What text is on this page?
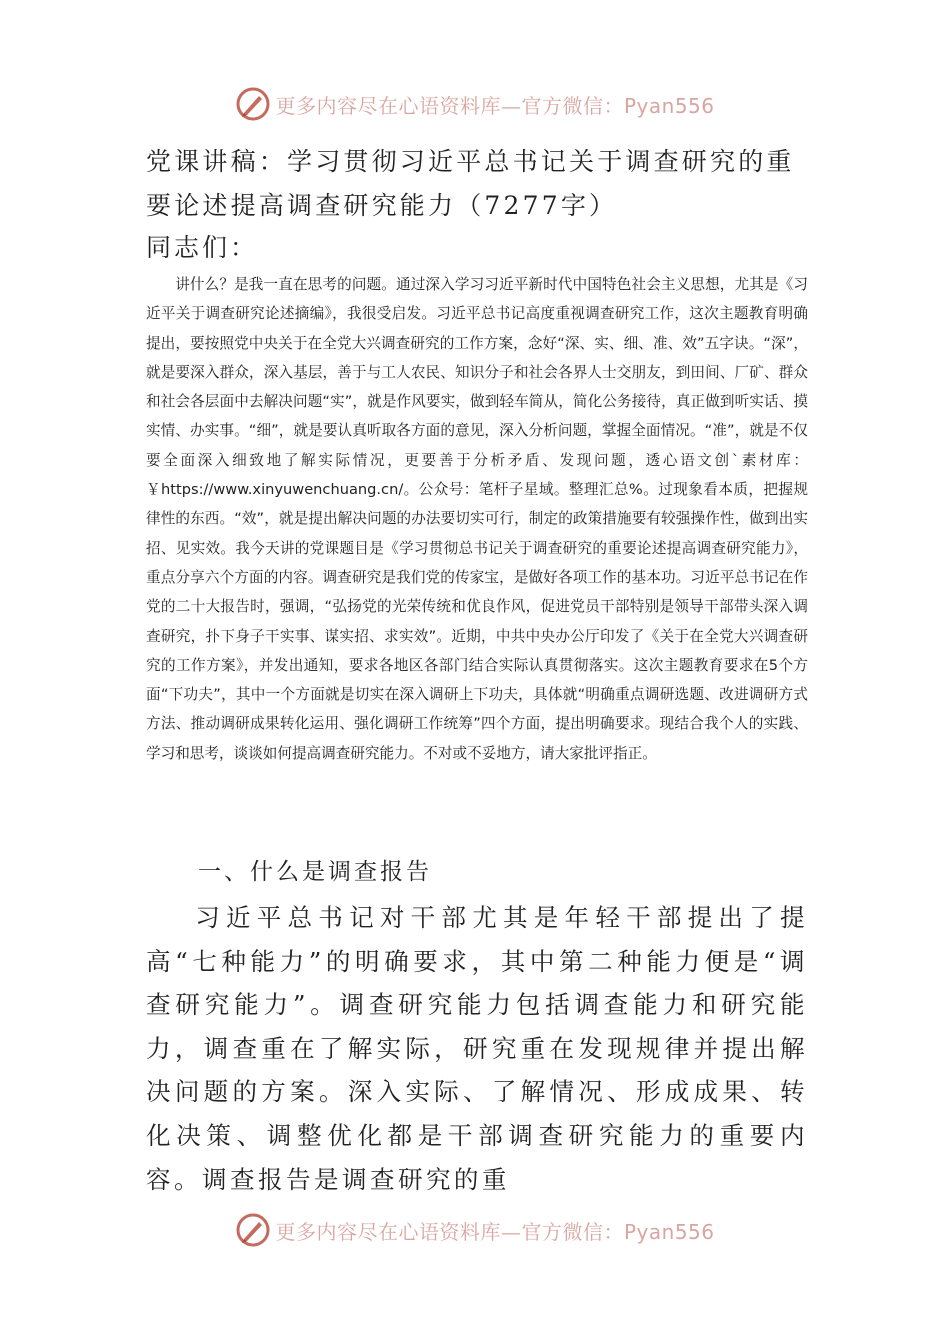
更多内容尽在心语资料库—官方微信：Pyan556
党课讲稿：学习贯彻习近平总书记关于调查研究的重要论述提高调查研究能力（7277字）
同志们：

讲什么？是我一直在思考的问题。通过深入学习习近平新时代中国特色社会主义思想，尤其是《习近平关于调查研究论述摘编》，我很受启发。习近平总书记高度重视调查研究工作，这次主题教育明确提出，要按照党中央关于在全党大兴调查研究的工作方案，念好“深、实、细、准、效”五字诀。“深”，就是要深入群众，深入基层，善于与工人农民、知识分子和社会各界人士交朋友，到田间、厂矿、群众和社会各层面中去解决问题“实”，就是作风要实，做到轻车简从，简化公务接待，真正做到听实话、摸实情、办实事。“细”，就是要认真听取各方面的意见，深入分析问题，掌握全面情况。“准”，就是不仅要全面深入细致地了解实际情况，更要善于分析矛盾、发现问题，透心语文创`素材库：￥https://www.xinyuwenchuang.cn/。公众号：笔杆子星域。整理汇总%。过现象看本质，把握规律性的东西。“效”，就是提出解决问题的办法要切实可行，制定的政策措施要有较强操作性，做到出实招、见实效。我今天讲的党课题目是《学习贯彻总书记关于调查研究的重要论述提高调查研究能力》，重点分享六个方面的内容。调查研究是我们党的传家宝，是做好各项工作的基本功。习近平总书记在作党的二十大报告时，强调，“弘扬党的光荣传统和优良作风，促进党员干部特别是领导干部带头深入调查研究，扑下身子干实事、谋实招、求实效”。近期，中共中央办公厅印发了《关于在全党大兴调查研究的工作方案》，并发出通知，要求各地区各部门结合实际认真贯彻落实。这次主题教育要求在5个方面“下功夫”，其中一个方面就是切实在深入调研上下功夫，具体就“明确重点调研选题、改进调研方式方法、推动调研成果转化运用、强化调研工作统筹”四个方面，提出明确要求。现结合我个人的实践、学习和思考，谈谈如何提高调查研究能力。不对或不妥地方，请大家批评指正。

一、什么是调查报告

习近平总书记对干部尤其是年轻干部提出了提高“七种能力”的明确要求，其中第二种能力便是“调查研究能力”。调查研究能力包括调查能力和研究能力，调查重在了解实际，研究重在发现规律并提出解决问题的方案。深入实际、了解情况、形成成果、转化决策、调整优化都是干部调查研究能力的重要内容。调查报告是调查研究的重

更多内容尽在心语资料库—官方微信：Pyan556
